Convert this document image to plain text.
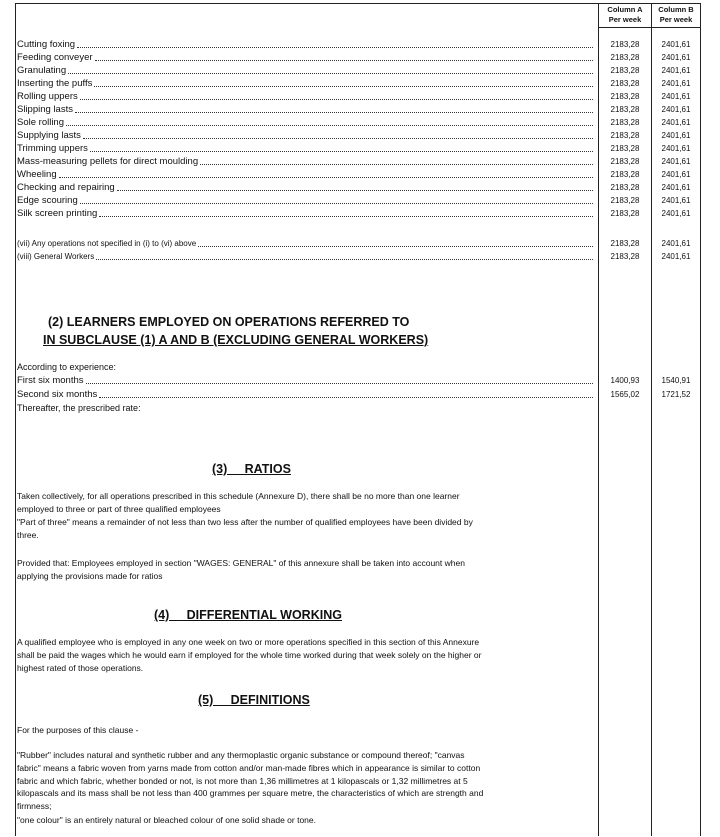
Column A
Per week
Column B
Per week
Cutting foxing	2183,28	2401,61
Feeding conveyer	2183,28	2401,61
Granulating	2183,28	2401,61
Inserting the puffs	2183,28	2401,61
Rolling uppers	2183,28	2401,61
Slipping lasts	2183,28	2401,61
Sole rolling	2183,28	2401,61
Supplying lasts	2183,28	2401,61
Trimming uppers	2183,28	2401,61
Mass-measuring pellets for direct moulding	2183,28	2401,61
Wheeling	2183,28	2401,61
Checking and repairing	2183,28	2401,61
Edge scouring	2183,28	2401,61
Silk screen printing	2183,28	2401,61
(vii) Any operations not specified in (i) to (vi) above	2183,28	2401,61
(viii) General Workers	2183,28	2401,61
(2) LEARNERS EMPLOYED ON OPERATIONS REFERRED TO
IN SUBCLAUSE (1) A AND B (EXCLUDING GENERAL WORKERS)
According to experience:
First six months	1400,93	1540,91
Second six months	1565,02	1721,52
Thereafter, the prescribed rate:
(3)     RATIOS
Taken collectively, for all operations prescribed in this schedule (Annexure D), there shall be no more than one learner employed to three or part of three qualified employees
"Part of three" means a remainder of not less than two less after the number of qualified employees have been divided by three.
Provided that: Employees employed in section "WAGES: GENERAL" of this annexure shall be taken into account when applying the provisions made for ratios
(4)     DIFFERENTIAL WORKING
A qualified employee who is employed in any one week on two or more operations specified in this section of this Annexure shall be paid the wages which he would earn if employed for the whole time worked during that week solely on the higher or highest rated of those operations.
(5)     DEFINITIONS
For the purposes of this clause -
"Rubber" includes natural and synthetic rubber and any thermoplastic organic substance or compound thereof; "canvas fabric" means a fabric woven from yarns made from cotton and/or man-made fibres which in appearance is similar to cotton fabric and which fabric, whether bonded or not, is not more than 1,36 millimetres at 1 kilopascals or 1,32 millimetres at 5 kilopascals and its mass shall be not less than 400 grammes per square metre, the characteristics of which are strength and firmness;
"one colour" is an entirely natural or bleached colour of one solid shade or tone.
